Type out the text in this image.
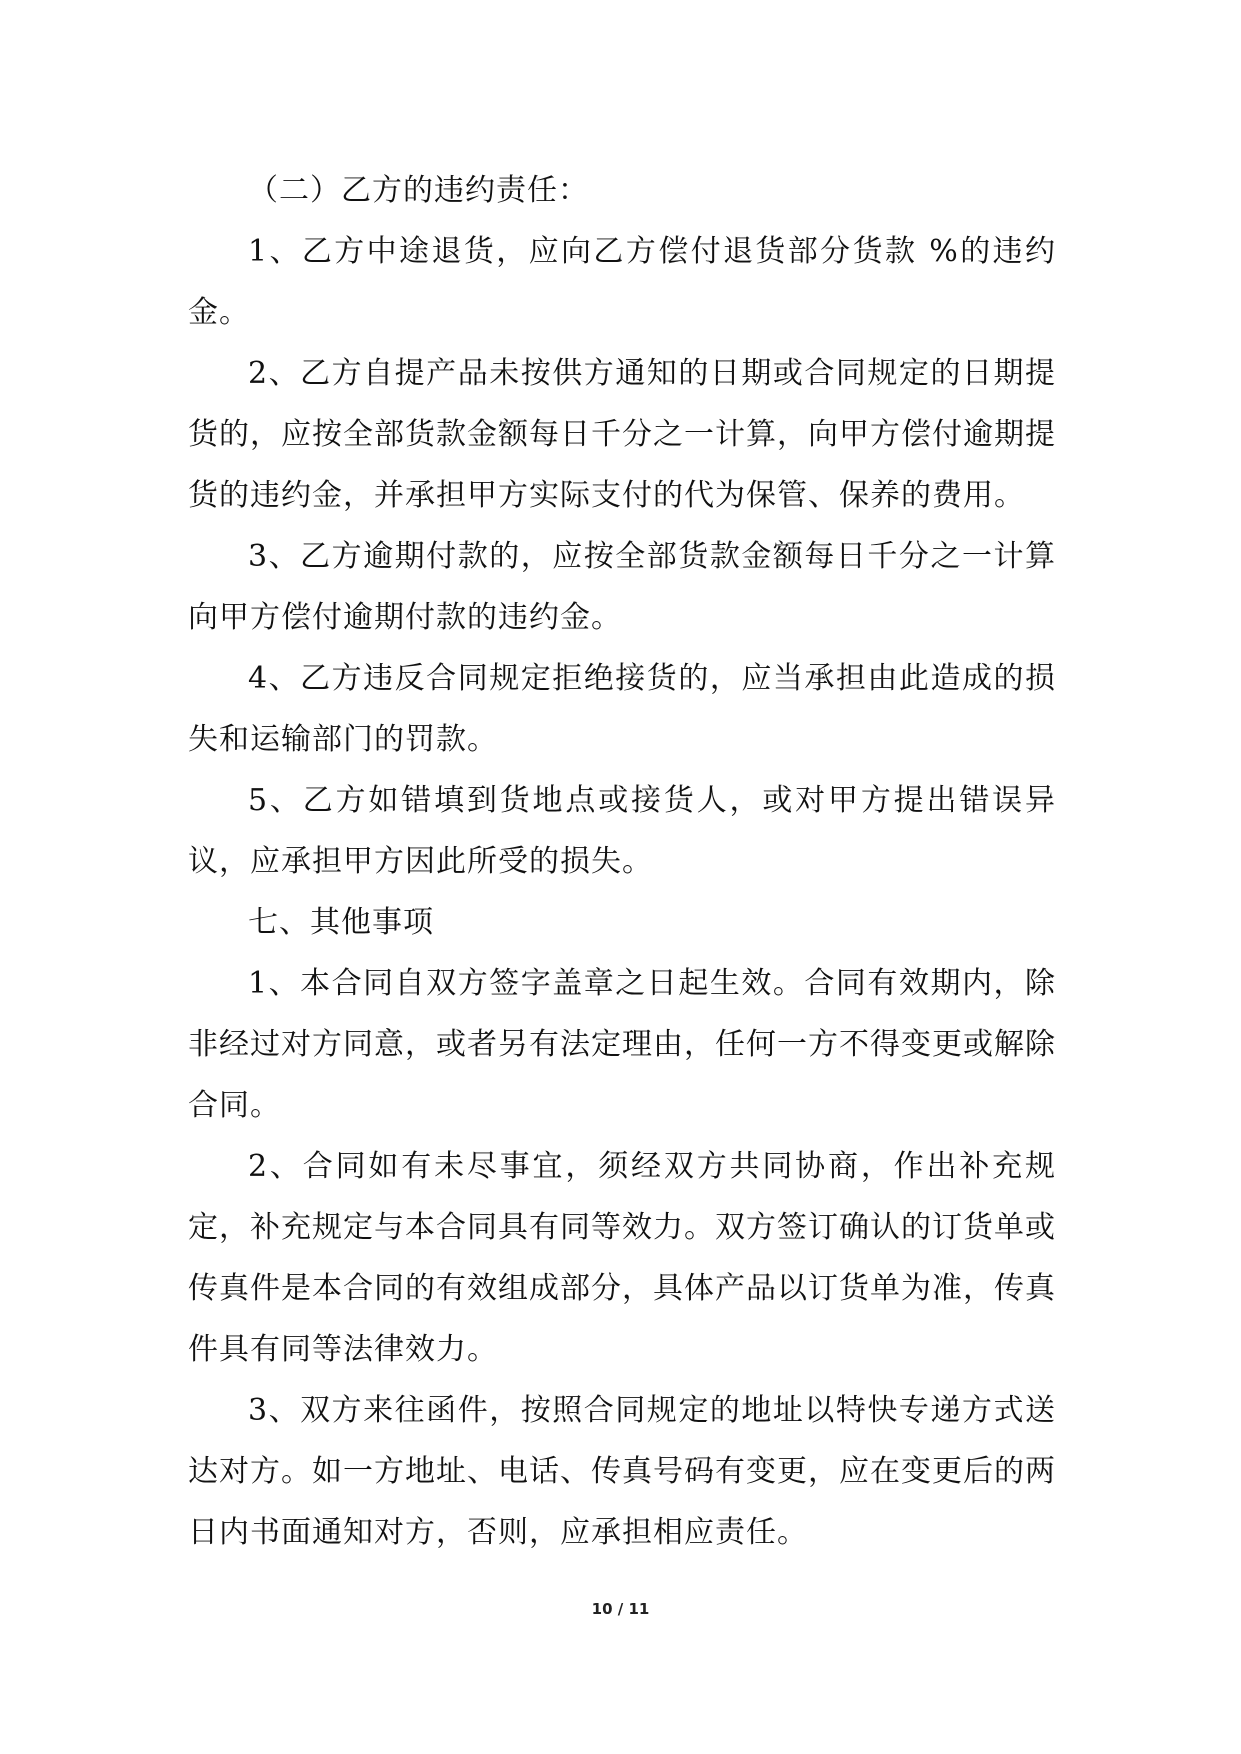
（二）乙方的违约责任：

1、乙方中途退货，应向乙方偿付退货部分货款 %的违约金。

2、乙方自提产品未按供方通知的日期或合同规定的日期提货的，应按全部货款金额每日千分之一计算，向甲方偿付逾期提货的违约金，并承担甲方实际支付的代为保管、保养的费用。

3、乙方逾期付款的，应按全部货款金额每日千分之一计算向甲方偿付逾期付款的违约金。

4、乙方违反合同规定拒绝接货的，应当承担由此造成的损失和运输部门的罚款。

5、乙方如错填到货地点或接货人，或对甲方提出错误异议，应承担甲方因此所受的损失。

七、其他事项

1、本合同自双方签字盖章之日起生效。合同有效期内，除非经过对方同意，或者另有法定理由，任何一方不得变更或解除合同。

2、合同如有未尽事宜，须经双方共同协商，作出补充规定，补充规定与本合同具有同等效力。双方签订确认的订货单或传真件是本合同的有效组成部分，具体产品以订货单为准，传真件具有同等法律效力。

3、双方来往函件，按照合同规定的地址以特快专递方式送达对方。如一方地址、电话、传真号码有变更，应在变更后的两日内书面通知对方，否则，应承担相应责任。

10 / 11
